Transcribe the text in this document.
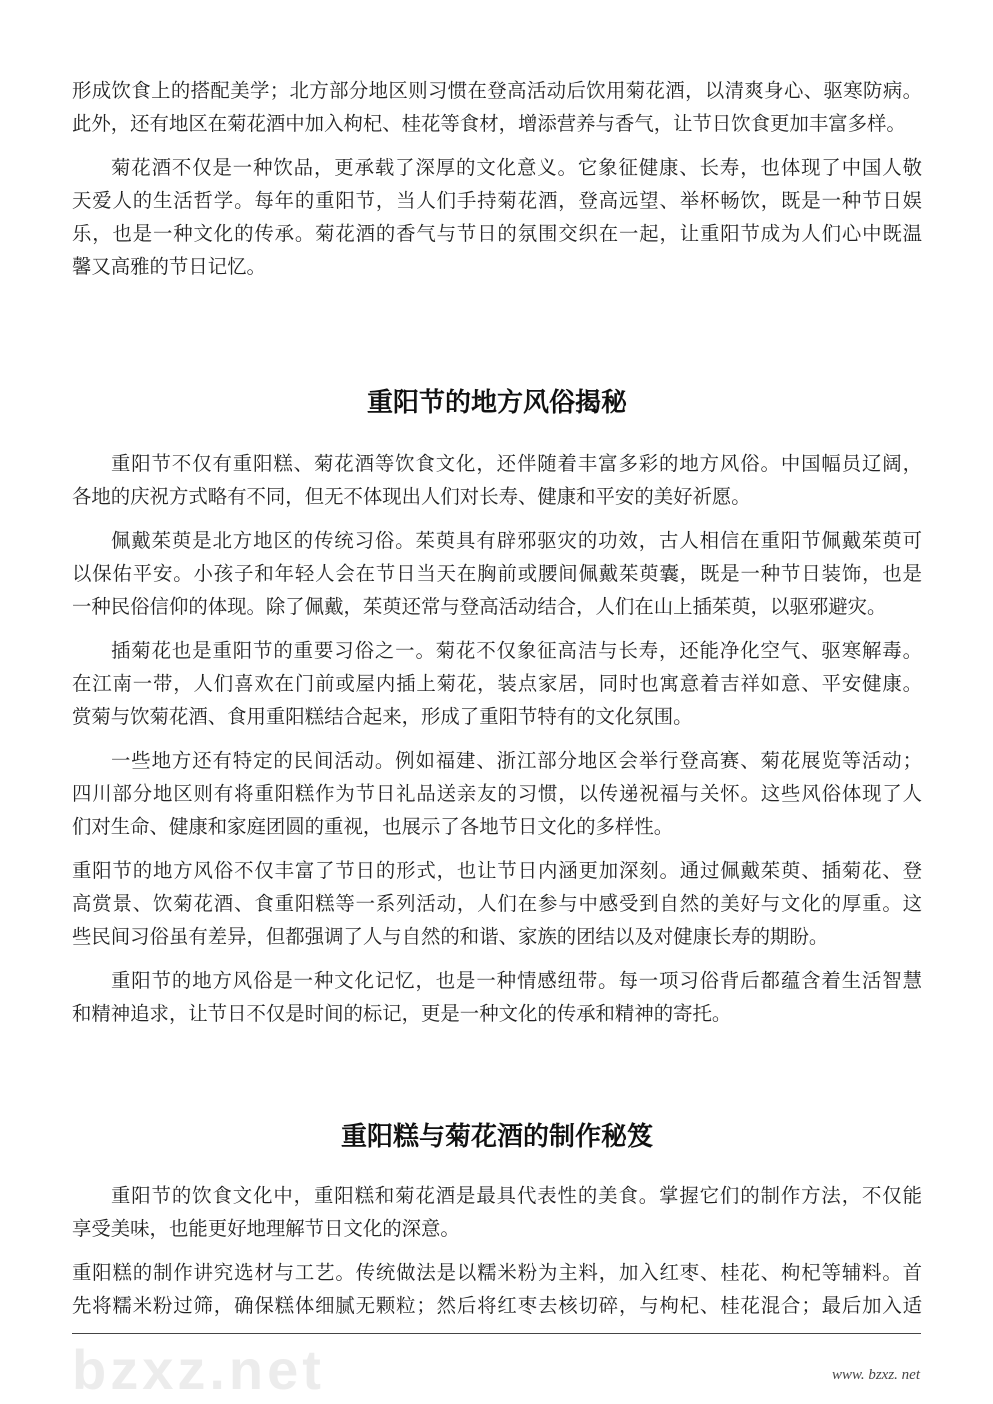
bzxz.net
形成饮食上的搭配美学；北方部分地区则习惯在登高活动后饮用菊花酒，以清爽身心、驱寒防病。
此外，还有地区在菊花酒中加入枸杞、桂花等食材，增添营养与香气，让节日饮食更加丰富多样。
菊花酒不仅是一种饮品，更承载了深厚的文化意义。它象征健康、长寿，也体现了中国人敬
天爱人的生活哲学。每年的重阳节，当人们手持菊花酒，登高远望、举杯畅饮，既是一种节日娱
乐，也是一种文化的传承。菊花酒的香气与节日的氛围交织在一起，让重阳节成为人们心中既温
馨又高雅的节日记忆。
重阳节的地方风俗揭秘
重阳节不仅有重阳糕、菊花酒等饮食文化，还伴随着丰富多彩的地方风俗。中国幅员辽阔，
各地的庆祝方式略有不同，但无不体现出人们对长寿、健康和平安的美好祈愿。
佩戴茱萸是北方地区的传统习俗。茱萸具有辟邪驱灾的功效，古人相信在重阳节佩戴茱萸可
以保佑平安。小孩子和年轻人会在节日当天在胸前或腰间佩戴茱萸囊，既是一种节日装饰，也是
一种民俗信仰的体现。除了佩戴，茱萸还常与登高活动结合，人们在山上插茱萸，以驱邪避灾。
插菊花也是重阳节的重要习俗之一。菊花不仅象征高洁与长寿，还能净化空气、驱寒解毒。
在江南一带，人们喜欢在门前或屋内插上菊花，装点家居，同时也寓意着吉祥如意、平安健康。
赏菊与饮菊花酒、食用重阳糕结合起来，形成了重阳节特有的文化氛围。
一些地方还有特定的民间活动。例如福建、浙江部分地区会举行登高赛、菊花展览等活动；
四川部分地区则有将重阳糕作为节日礼品送亲友的习惯，以传递祝福与关怀。这些风俗体现了人
们对生命、健康和家庭团圆的重视，也展示了各地节日文化的多样性。
重阳节的地方风俗不仅丰富了节日的形式，也让节日内涵更加深刻。通过佩戴茱萸、插菊花、登
高赏景、饮菊花酒、食重阳糕等一系列活动，人们在参与中感受到自然的美好与文化的厚重。这
些民间习俗虽有差异，但都强调了人与自然的和谐、家族的团结以及对健康长寿的期盼。
重阳节的地方风俗是一种文化记忆，也是一种情感纽带。每一项习俗背后都蕴含着生活智慧
和精神追求，让节日不仅是时间的标记，更是一种文化的传承和精神的寄托。
重阳糕与菊花酒的制作秘笈
重阳节的饮食文化中，重阳糕和菊花酒是最具代表性的美食。掌握它们的制作方法，不仅能
享受美味，也能更好地理解节日文化的深意。
重阳糕的制作讲究选材与工艺。传统做法是以糯米粉为主料，加入红枣、桂花、枸杞等辅料。首
先将糯米粉过筛，确保糕体细腻无颗粒；然后将红枣去核切碎，与枸杞、桂花混合；最后加入适
www. bzxz. net
